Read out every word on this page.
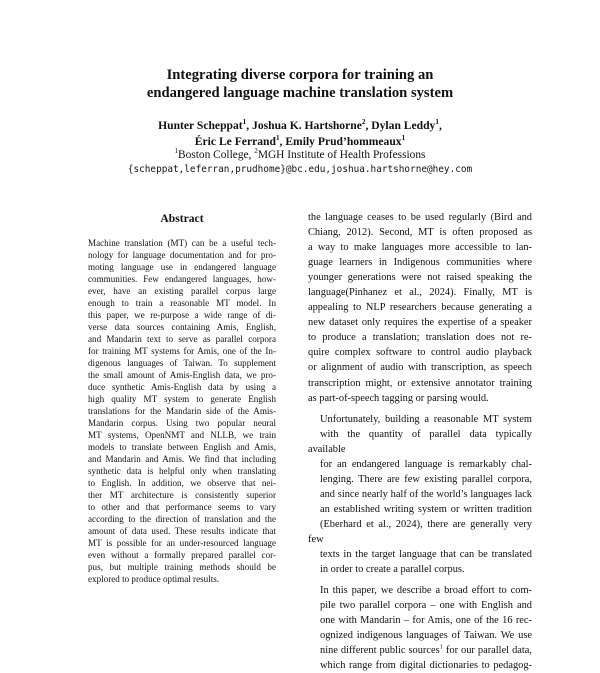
Integrating diverse corpora for training an
endangered language machine translation system
Hunter Scheppat$^1$, Joshua K. Hartshorne$^2$, Dylan Leddy$^1$,
Éric Le Ferrand$^1$, Emily Prud’hommeaux$^1$
$^1$Boston College, $^2$MGH Institute of Health Professions
{scheppat,leferran,prudhome}@bc.edu,joshua.hartshorne@hey.com
Abstract
Machine translation (MT) can be a useful tech-
nology for language documentation and for pro-
moting language use in endangered language
communities. Few endangered languages, how-
ever, have an existing parallel corpus large
enough to train a reasonable MT model. In
this paper, we re-purpose a wide range of di-
verse data sources containing Amis, English,
and Mandarin text to serve as parallel corpora
for training MT systems for Amis, one of the In-
digenous languages of Taiwan. To supplement
the small amount of Amis-English data, we pro-
duce synthetic Amis-English data by using a
high quality MT system to generate English
translations for the Mandarin side of the Amis-
Mandarin corpus. Using two popular neural
MT systems, OpenNMT and NLLB, we train
models to translate between English and Amis,
and Mandarin and Amis. We find that including
synthetic data is helpful only when translating
to English. In addition, we observe that nei-
ther MT architecture is consistently superior
to other and that performance seems to vary
according to the direction of translation and the
amount of data used. These results indicate that
MT is possible for an under-resourced language
even without a formally prepared parallel cor-
pus, but multiple training methods should be
explored to produce optimal results.
the language ceases to be used regularly (Bird and
Chiang, 2012). Second, MT is often proposed as
a way to make languages more accessible to lan-
guage learners in Indigenous communities where
younger generations were not raised speaking the
language(Pinhanez et al., 2024). Finally, MT is
appealing to NLP researchers because generating a
new dataset only requires the expertise of a speaker
to produce a translation; translation does not re-
quire complex software to control audio playback
or alignment of audio with transcription, as speech
transcription might, or extensive annotator training
as part-of-speech tagging or parsing would.
Unfortunately, building a reasonable MT system
with the quantity of parallel data typically available
for an endangered language is remarkably chal-
lenging. There are few existing parallel corpora,
and since nearly half of the world’s languages lack
an established writing system or written tradition
(Eberhard et al., 2024), there are generally very few
texts in the target language that can be translated
in order to create a parallel corpus.
In this paper, we describe a broad effort to com-
pile two parallel corpora – one with English and
one with Mandarin – for Amis, one of the 16 rec-
ognized indigenous languages of Taiwan. We use
nine different public sources$^1$ for our parallel data,
which range from digital dictionaries to pedagog-
